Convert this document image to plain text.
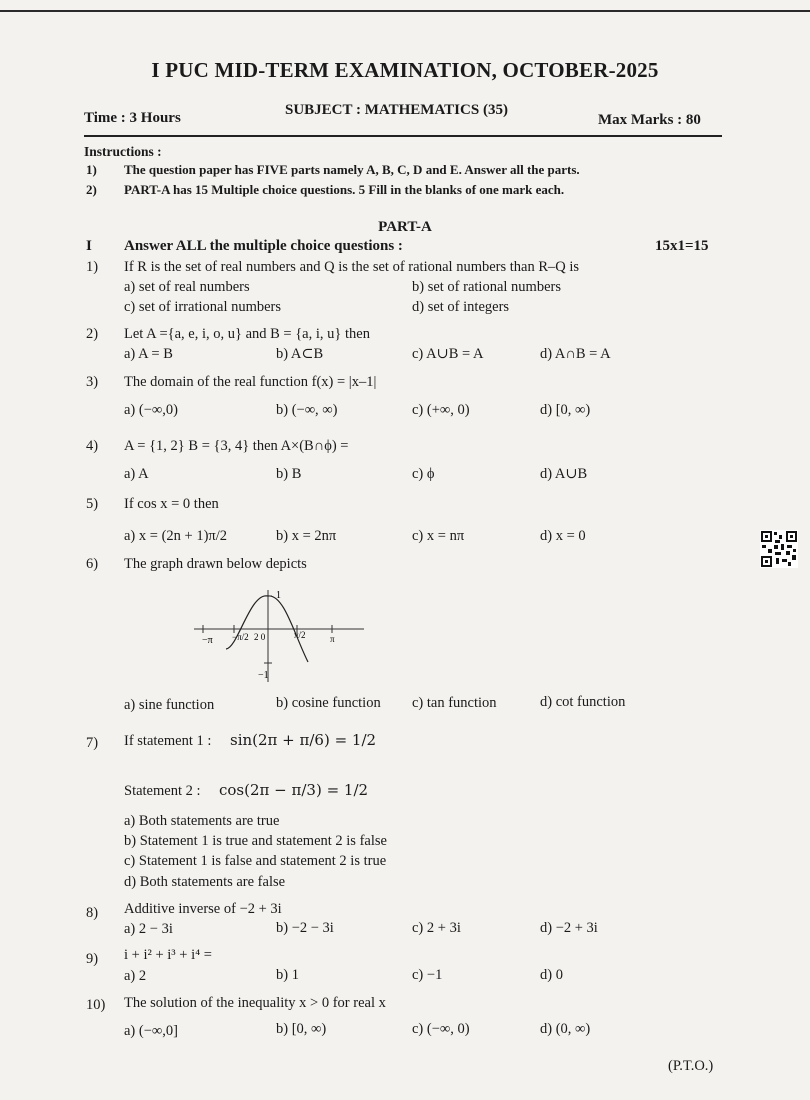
I PUC MID-TERM EXAMINATION, OCTOBER-2025
Time : 3 Hours	SUBJECT : MATHEMATICS (35)
Max Marks : 80
Instructions :
1) The question paper has FIVE parts namely A, B, C, D and E. Answer all the parts.
2) PART-A has 15 Multiple choice questions. 5 Fill in the blanks of one mark each.
PART-A
I Answer ALL the multiple choice questions :	15x1=15
1) If R is the set of real numbers and Q is the set of rational numbers than R–Q is
a) set of real numbers	b) set of rational numbers
c) set of irrational numbers	d) set of integers
2) Let A ={a, e, i, o, u} and B = {a, i, u} then
a) A = B	b) A⊂B	c) A∪B = A	d) A∩B = A
3) The domain of the real function f(x) = |x–1|
a) (−∞,0)	b) (−∞, ∞)	c) (+∞, 0)	d) [0, ∞)
4) A = {1, 2} B = {3, 4} then A×(B∩ϕ) =
a) A	b) B	c) ϕ	d) A∪B
5) If cos x = 0 then
a) x = (2n + 1)π/2	b) x = 2nπ	c) x = nπ	d) x = 0
6) The graph drawn below depicts
1
−1
−π −π/2 2 0	π/2	π
a) sine function	b) cosine function c) tan function	d) cot function
7) If statement 1 : sin(2π + π/6) = 1/2
Statement 2 : cos(2π − π/3) = 1/2
a) Both statements are true
b) Statement 1 is true and statement 2 is false
c) Statement 1 is false and statement 2 is true
d) Both statements are false
8) Additive inverse of −2 + 3i
a) 2 − 3i	b) −2 − 3i	c) 2 + 3i	d) −2 + 3i
9) i + i² + i³ + i⁴ =
a) 2	b) 1	c) −1	d) 0
10) The solution of the inequality x > 0 for real x
a) (−∞,0]	b) [0, ∞)	c) (−∞, 0)	d) (0, ∞)
(P.T.O.)
